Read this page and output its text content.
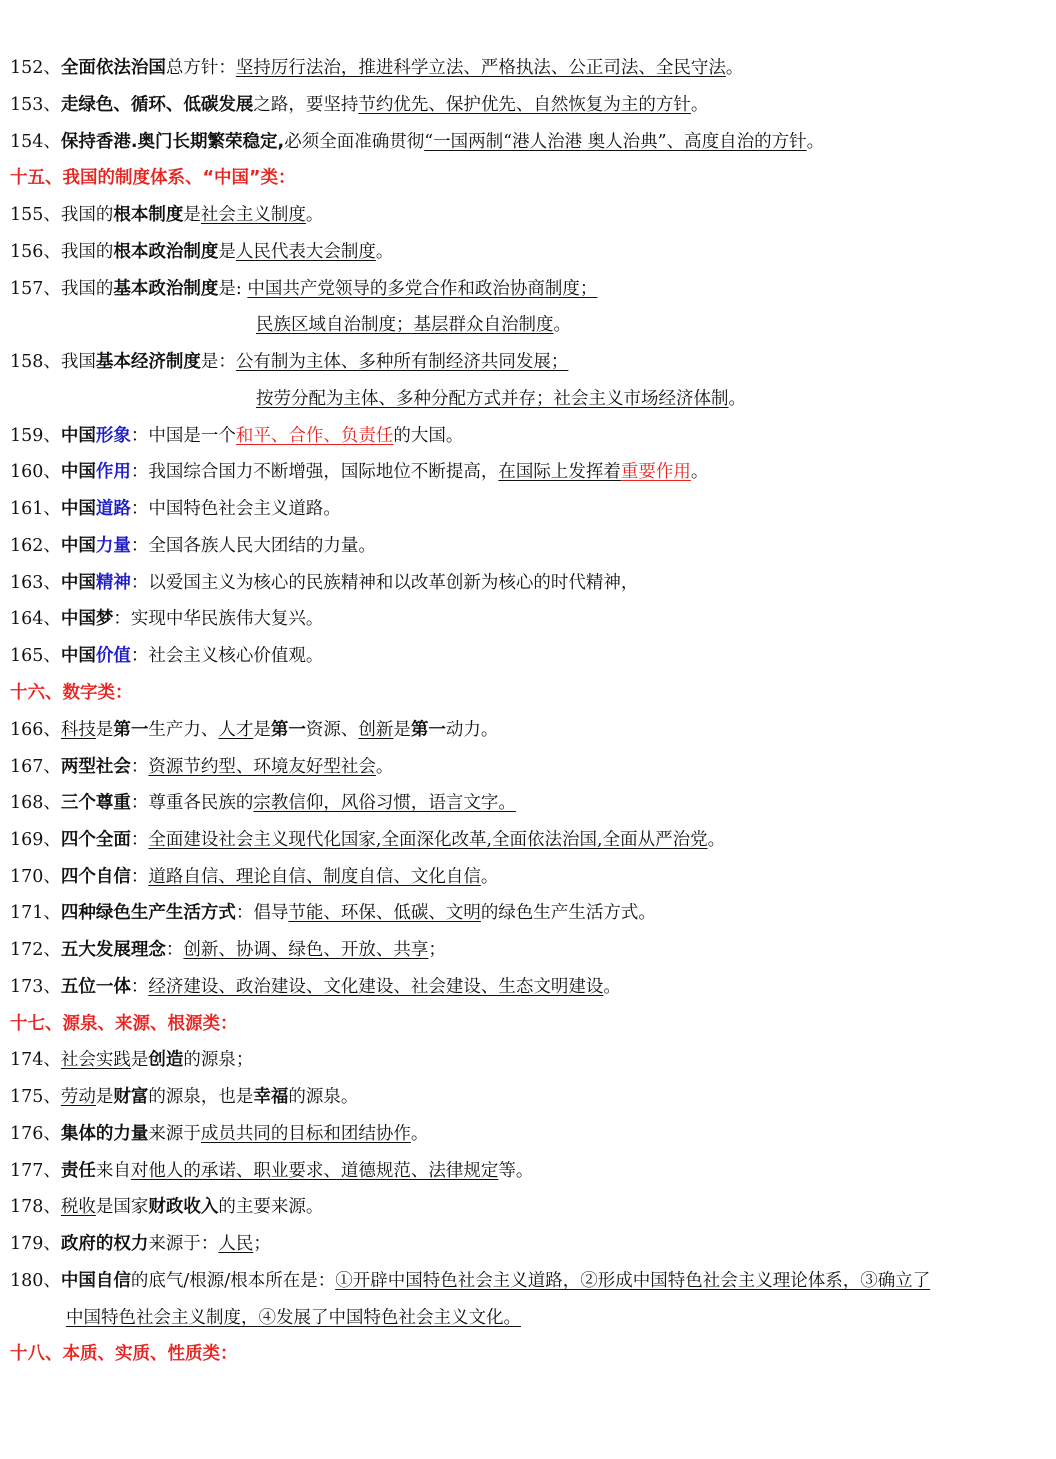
152、全面依法治国总方针：坚持厉行法治，推进科学立法、严格执法、公正司法、全民守法。
153、走绿色、循环、低碳发展之路，要坚持节约优先、保护优先、自然恢复为主的方针。
154、保持香港.奥门长期繁荣稳定,必须全面准确贯彻“一国两制“港人治港 奥人治典”、高度自治的方针。
十五、我国的制度体系、“中国”类：
155、我国的根本制度是社会主义制度。
156、我国的根本政治制度是人民代表大会制度。
157、我国的基本政治制度是: 中国共产党领导的多党合作和政治协商制度；
民族区域自治制度；基层群众自治制度。
158、我国基本经济制度是：公有制为主体、多种所有制经济共同发展；
按劳分配为主体、多种分配方式并存；社会主义市场经济体制。
159、中国形象：中国是一个和平、合作、负责任的大国。
160、中国作用：我国综合国力不断增强，国际地位不断提高，在国际上发挥着重要作用。
161、中国道路：中国特色社会主义道路。
162、中国力量：全国各族人民大团结的力量。
163、中国精神：以爱国主义为核心的民族精神和以改革创新为核心的时代精神，
164、中国梦：实现中华民族伟大复兴。
165、中国价值：社会主义核心价值观。
十六、数字类：
166、科技是第一生产力、人才是第一资源、创新是第一动力。
167、两型社会：资源节约型、环境友好型社会。
168、三个尊重：尊重各民族的宗教信仰，风俗习惯，语言文字。
169、四个全面：全面建设社会主义现代化国家,全面深化改革,全面依法治国,全面从严治党。
170、四个自信：道路自信、理论自信、制度自信、文化自信。
171、四种绿色生产生活方式：倡导节能、环保、低碳、文明的绿色生产生活方式。
172、五大发展理念：创新、协调、绿色、开放、共享；
173、五位一体：经济建设、政治建设、文化建设、社会建设、生态文明建设。
十七、源泉、来源、根源类：
174、社会实践是创造的源泉；
175、劳动是财富的源泉，也是幸福的源泉。
176、集体的力量来源于成员共同的目标和团结协作。
177、责任来自对他人的承诺、职业要求、道德规范、法律规定等。
178、税收是国家财政收入的主要来源。
179、政府的权力来源于：人民；
180、中国自信的底气/根源/根本所在是：①开辟中国特色社会主义道路，②形成中国特色社会主义理论体系，③确立了
中国特色社会主义制度，④发展了中国特色社会主义文化。
十八、本质、实质、性质类：
